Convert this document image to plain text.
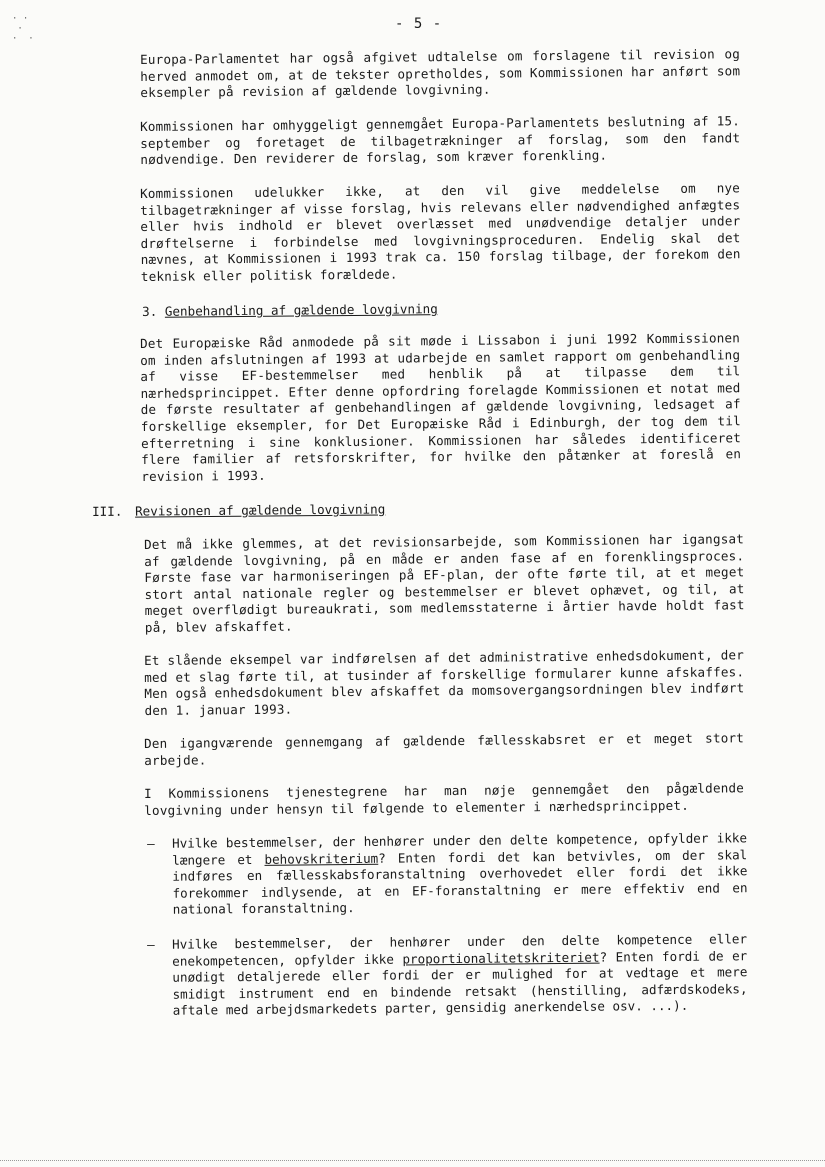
· ·
·
·  ·
- 5 -
Europa-Parlamentet har også afgivet udtalelse om forslagene til revision og herved anmodet om, at de tekster opretholdes, som Kommissionen har anført som eksempler på revision af gældende lovgivning.
Kommissionen har omhyggeligt gennemgået Europa-Parlamentets beslutning af 15. september og foretaget de tilbagetrækninger af forslag, som den fandt nødvendige. Den reviderer de forslag, som kræver forenkling.
Kommissionen udelukker ikke, at den vil give meddelelse om nye tilbagetrækninger af visse forslag, hvis relevans eller nødvendighed anfægtes eller hvis indhold er blevet overlæsset med unødvendige detaljer under drøftelserne i forbindelse med lovgivningsproceduren. Endelig skal det nævnes, at Kommissionen i 1993 trak ca. 150 forslag tilbage, der forekom den teknisk eller politisk forældede.
3. Genbehandling af gældende lovgivning
Det Europæiske Råd anmodede på sit møde i Lissabon i juni 1992 Kommissionen om inden afslutningen af 1993 at udarbejde en samlet rapport om genbehandling af visse EF-bestemmelser med henblik på at tilpasse dem til nærhedsprincippet. Efter denne opfordring forelagde Kommissionen et notat med de første resultater af genbehandlingen af gældende lovgivning, ledsaget af forskellige eksempler, for Det Europæiske Råd i Edinburgh, der tog dem til efterretning i sine konklusioner. Kommissionen har således identificeret flere familier af retsforskrifter, for hvilke den påtænker at foreslå en revision i 1993.
III. Revisionen af gældende lovgivning
Det må ikke glemmes, at det revisionsarbejde, som Kommissionen har igangsat af gældende lovgivning, på en måde er anden fase af en forenklingsproces. Første fase var harmoniseringen på EF-plan, der ofte førte til, at et meget stort antal nationale regler og bestemmelser er blevet ophævet, og til, at meget overflødigt bureaukrati, som medlemsstaterne i årtier havde holdt fast på, blev afskaffet.
Et slående eksempel var indførelsen af det administrative enhedsdokument, der med et slag førte til, at tusinder af forskellige formularer kunne afskaffes. Men også enhedsdokument blev afskaffet da momsovergangsordningen blev indført den 1. januar 1993.
Den igangværende gennemgang af gældende fællesskabsret er et meget stort arbejde.
I Kommissionens tjenestegrene har man nøje gennemgået den pågældende lovgivning under hensyn til følgende to elementer i nærhedsprincippet.
– Hvilke bestemmelser, der henhører under den delte kompetence, opfylder ikke længere et behovskriterium? Enten fordi det kan betvivles, om der skal indføres en fællesskabsforanstaltning overhovedet eller fordi det ikke forekommer indlysende, at en EF-foranstaltning er mere effektiv end en national foranstaltning.
– Hvilke bestemmelser, der henhører under den delte kompetence eller enekompetencen, opfylder ikke proportionalitetskriteriet? Enten fordi de er unødigt detaljerede eller fordi der er mulighed for at vedtage et mere smidigt instrument end en bindende retsakt (henstilling, adfærdskodeks, aftale med arbejdsmarkedets parter, gensidig anerkendelse osv. ...).
